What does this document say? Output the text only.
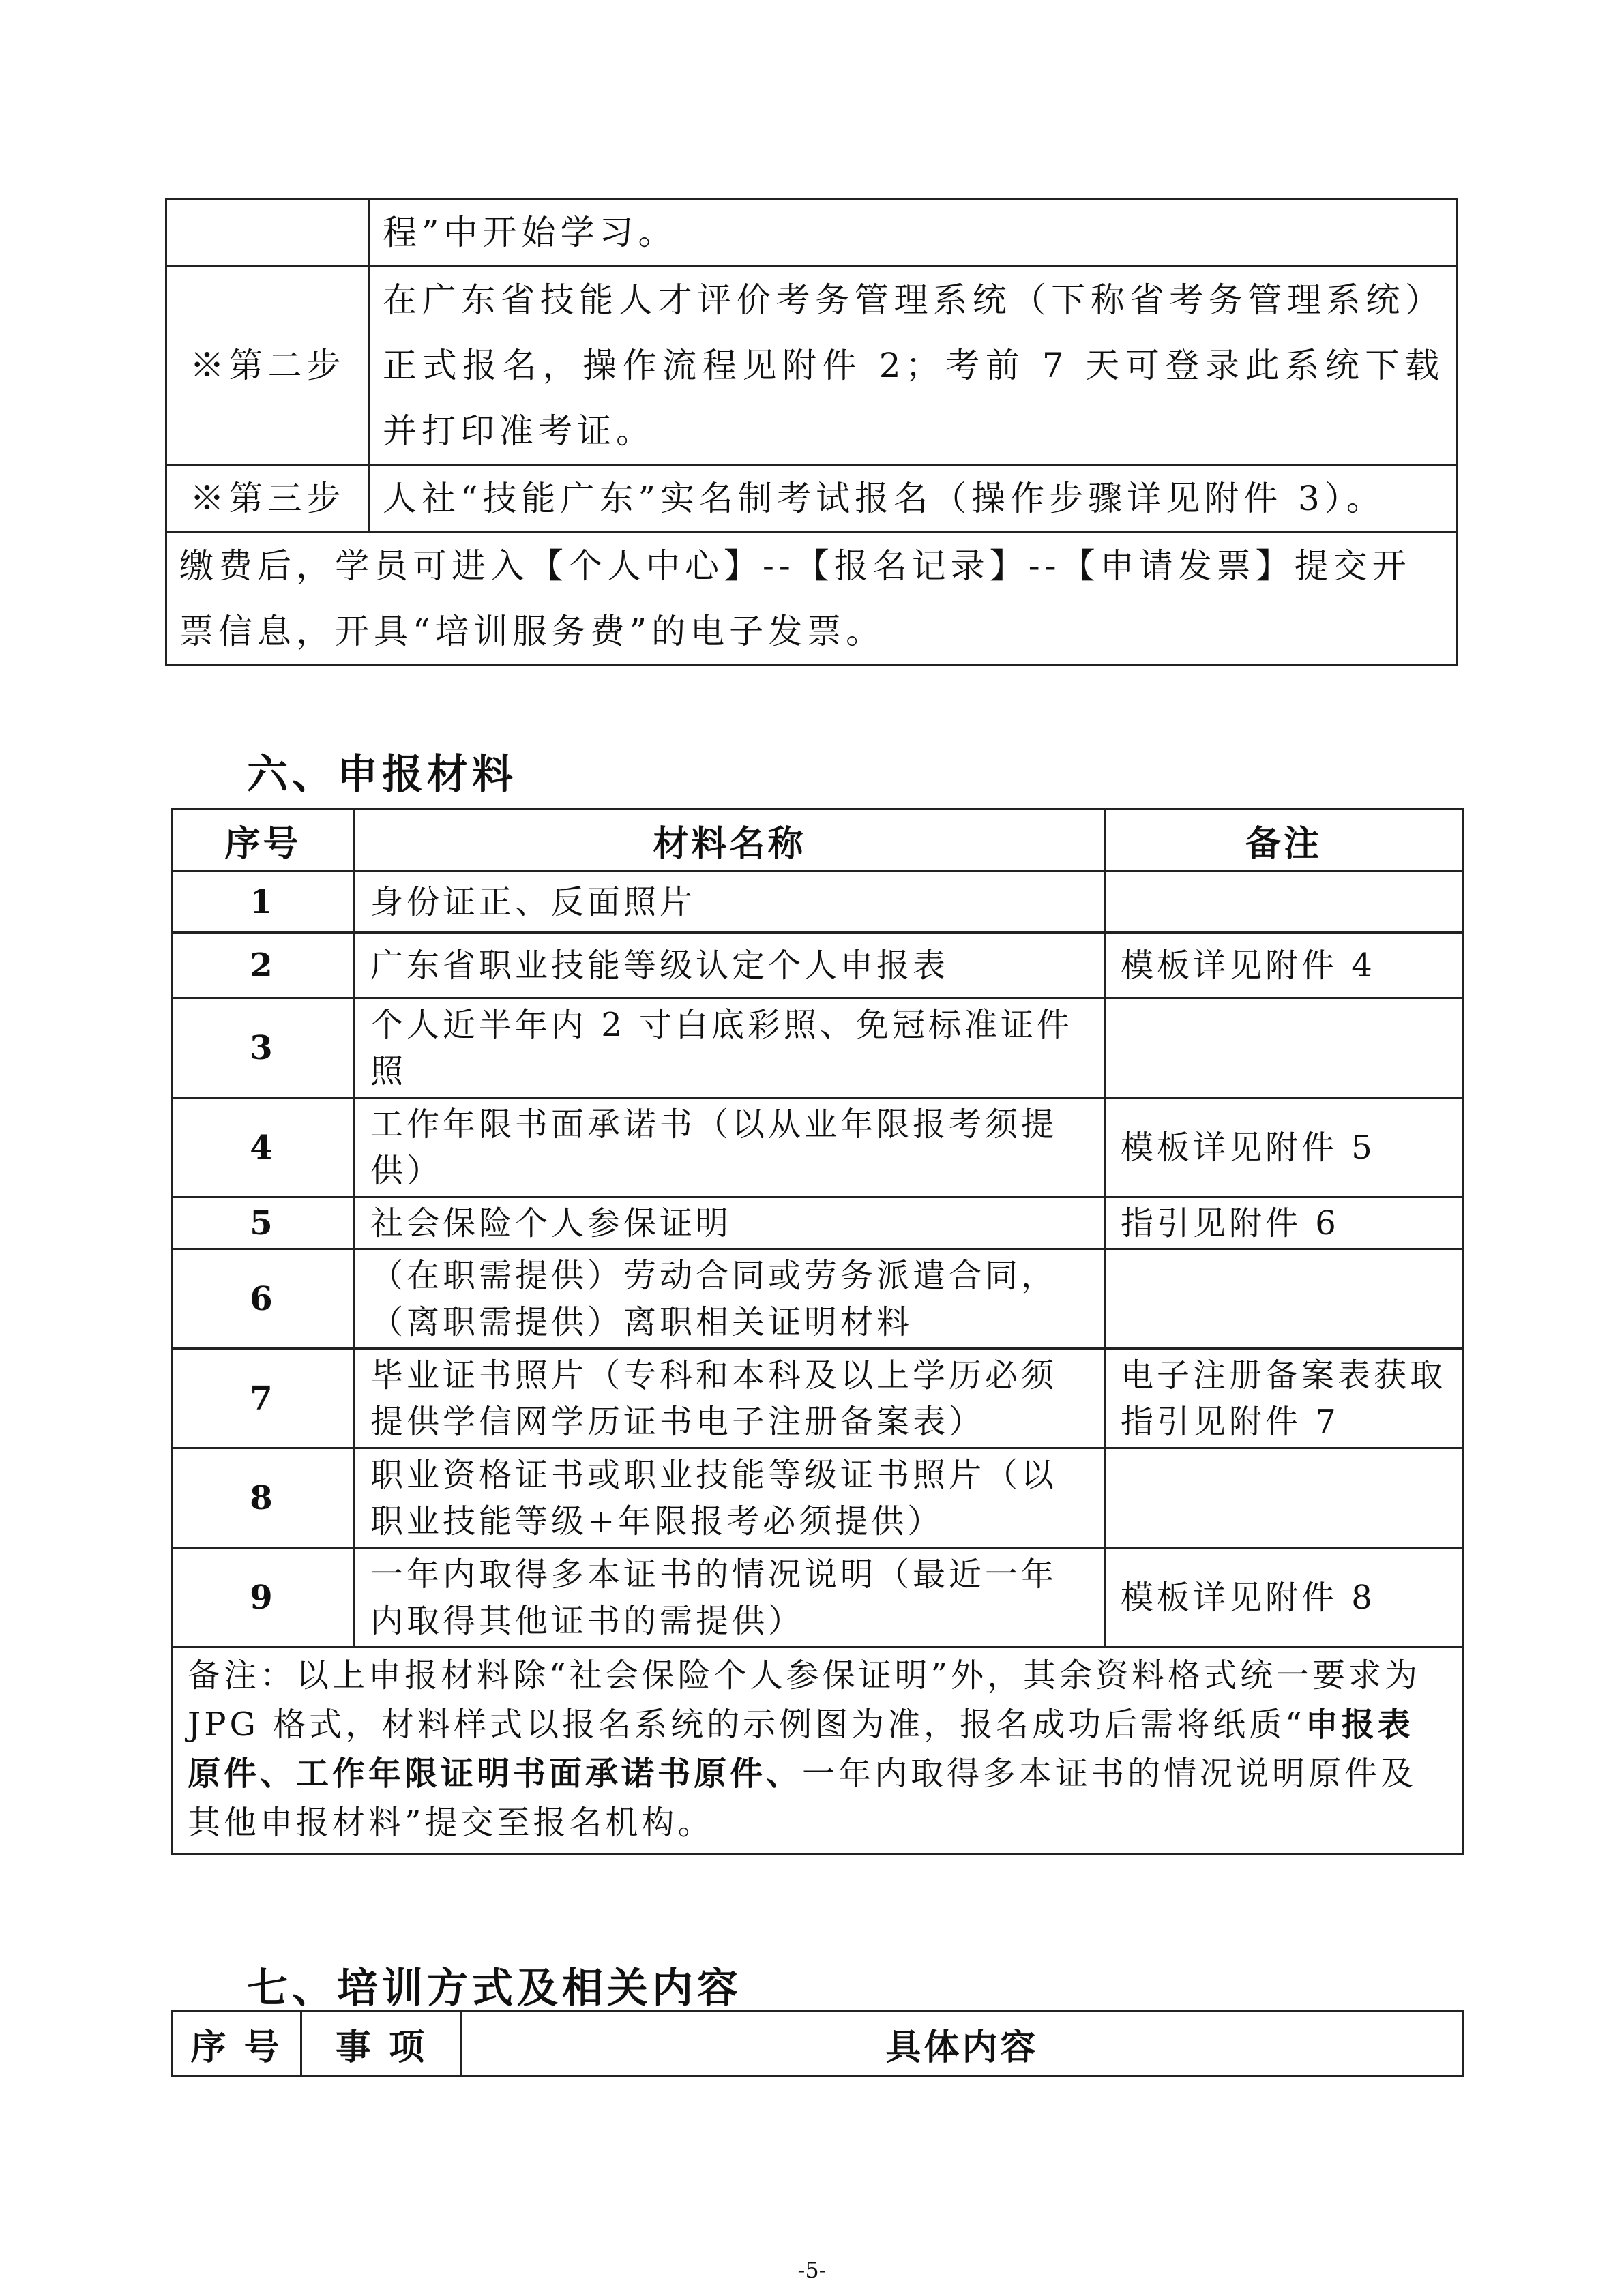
	程”中开始学习。
※第二步	在广东省技能人才评价考务管理系统（下称省考务管理系统）正式报名，操作流程见附件 2；考前 7 天可登录此系统下载并打印准考证。
※第三步	人社“技能广东”实名制考试报名（操作步骤详见附件 3）。
缴费后，学员可进入【个人中心】--【报名记录】--【申请发票】提交开票信息，开具“培训服务费”的电子发票。	
六、申报材料
序号	材料名称	备注
1	身份证正、反面照片	
2	广东省职业技能等级认定个人申报表	模板详见附件 4
3	个人近半年内 2 寸白底彩照、免冠标准证件照	
4	工作年限书面承诺书（以从业年限报考须提供）	模板详见附件 5
5	社会保险个人参保证明	指引见附件 6
6	（在职需提供）劳动合同或劳务派遣合同，（离职需提供）离职相关证明材料	
7	毕业证书照片（专科和本科及以上学历必须提供学信网学历证书电子注册备案表）	电子注册备案表获取指引见附件 7
8	职业资格证书或职业技能等级证书照片（以职业技能等级+年限报考必须提供）	
9	一年内取得多本证书的情况说明（最近一年内取得其他证书的需提供）	模板详见附件 8
备注：以上申报材料除“社会保险个人参保证明”外，其余资料格式统一要求为 JPG 格式，材料样式以报名系统的示例图为准，报名成功后需将纸质“申报表原件、工作年限证明书面承诺书原件、一年内取得多本证书的情况说明原件及其他申报材料”提交至报名机构。		
七、培训方式及相关内容
序 号	事 项	具体内容
-5-
